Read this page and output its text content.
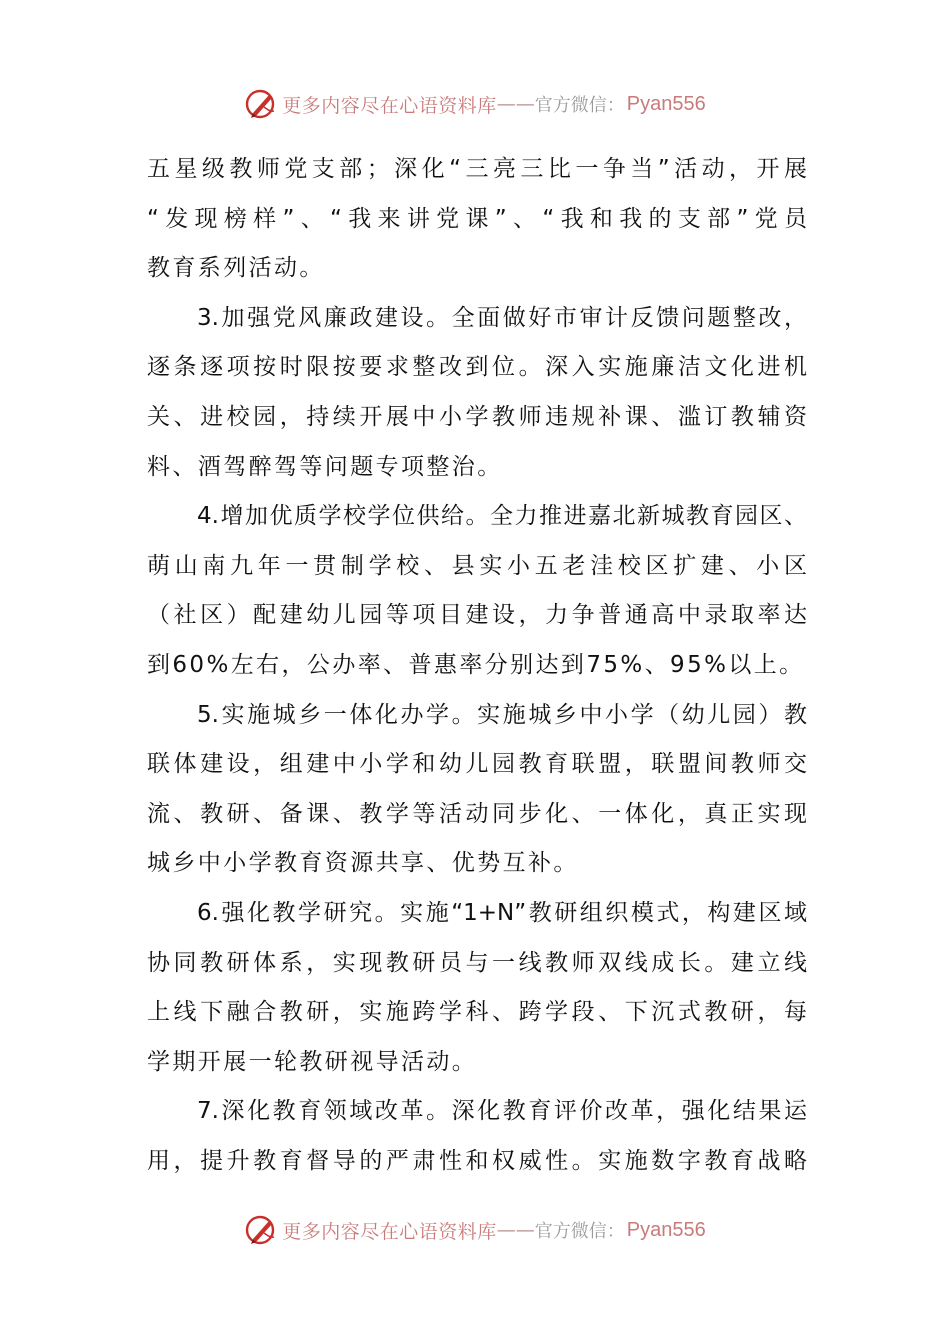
更多内容尽在心语资料库 —— 官方微信： Pyan556
五星级教师党支部；深化“三亮三比一争当”活动，开展
“发现榜样”、“我来讲党课”、“我和我的支部”党员
教育系列活动。
3.加强党风廉政建设。全面做好市审计反馈问题整改，
逐条逐项按时限按要求整改到位。深入实施廉洁文化进机
关、进校园，持续开展中小学教师违规补课、滥订教辅资
料、酒驾醉驾等问题专项整治。
4.增加优质学校学位供给。全力推进嘉北新城教育园区、
萌山南九年一贯制学校、县实小五老洼校区扩建、小区
（社区）配建幼儿园等项目建设，力争普通高中录取率达
到60%左右，公办率、普惠率分别达到75%、95%以上。
5.实施城乡一体化办学。实施城乡中小学（幼儿园）教
联体建设，组建中小学和幼儿园教育联盟，联盟间教师交
流、教研、备课、教学等活动同步化、一体化，真正实现
城乡中小学教育资源共享、优势互补。
6.强化教学研究。实施“1+N”教研组织模式，构建区域
协同教研体系，实现教研员与一线教师双线成长。建立线
上线下融合教研，实施跨学科、跨学段、下沉式教研，每
学期开展一轮教研视导活动。
7.深化教育领域改革。深化教育评价改革，强化结果运
用，提升教育督导的严肃性和权威性。实施数字教育战略
更多内容尽在心语资料库 —— 官方微信： Pyan556
